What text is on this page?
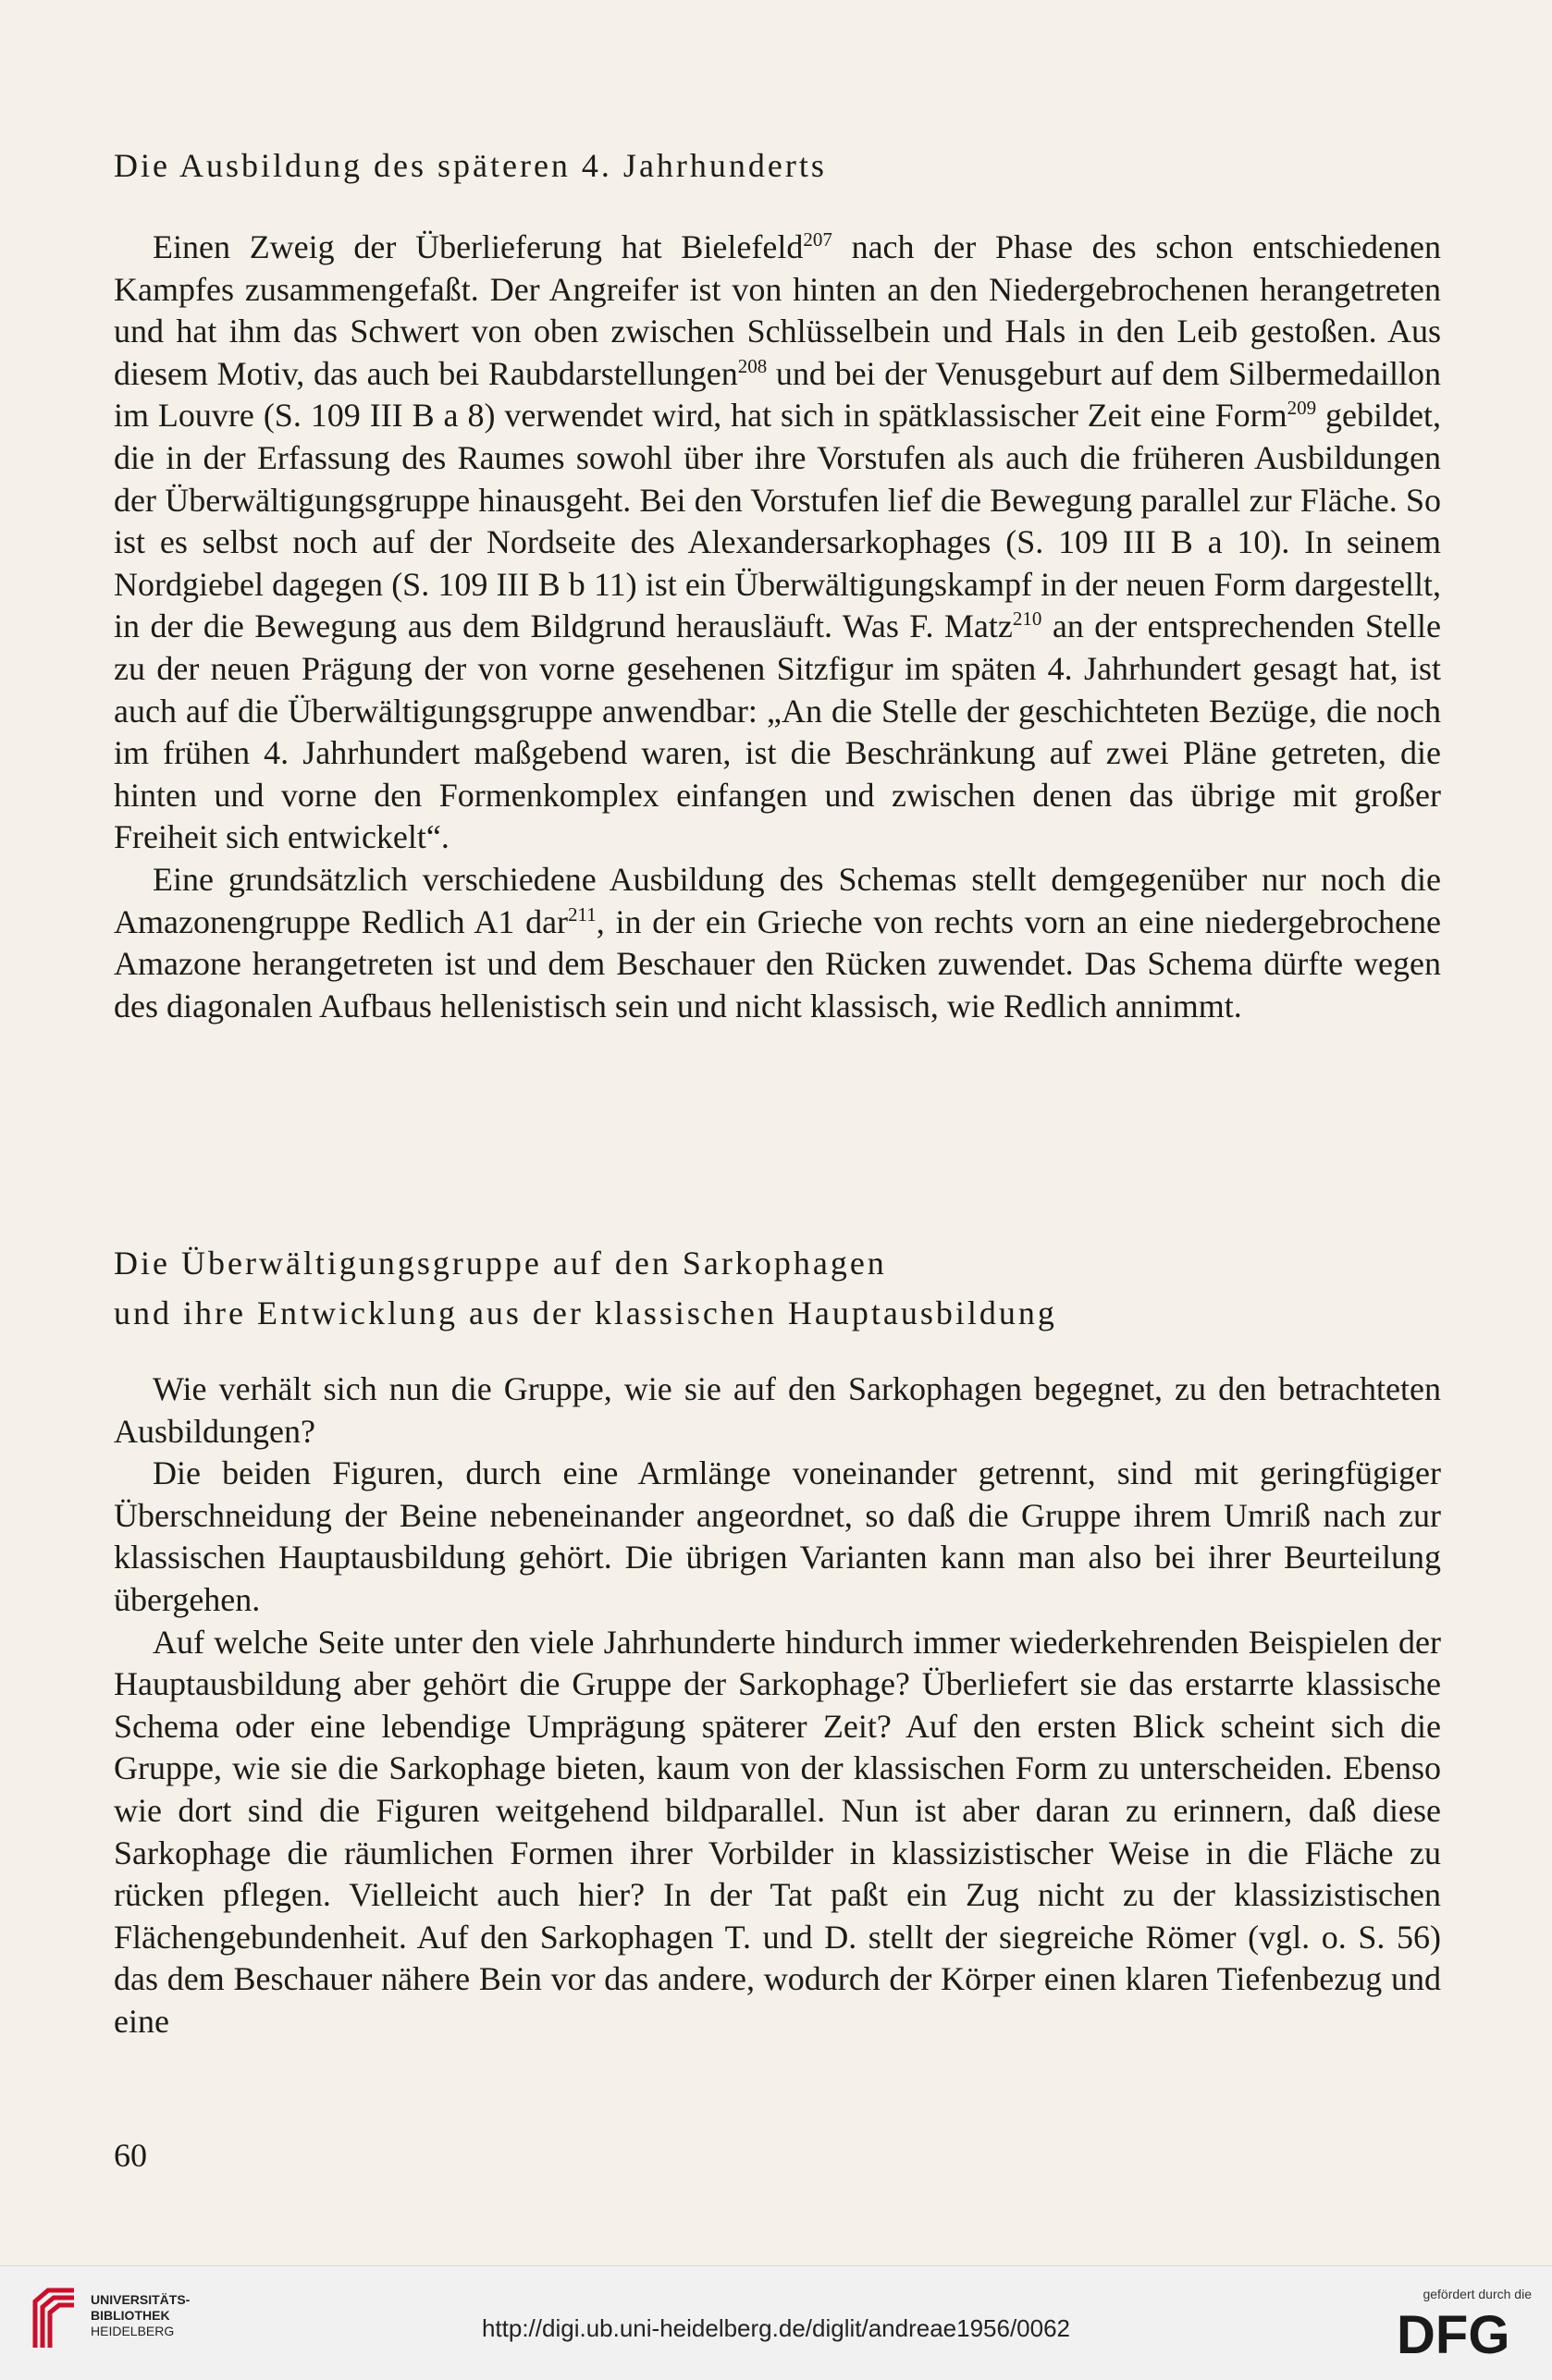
Die Ausbildung des späteren 4. Jahrhunderts

Einen Zweig der Überlieferung hat Bielefeld$^{207}$ nach der Phase des schon entschiedenen Kampfes zusammengefaßt. Der Angreifer ist von hinten an den Niedergebrochenen herangetreten und hat ihm das Schwert von oben zwischen Schlüsselbein und Hals in den Leib gestoßen. Aus diesem Motiv, das auch bei Raubdarstellungen$^{208}$ und bei der Venusgeburt auf dem Silbermedaillon im Louvre (S. 109 III B a 8) verwendet wird, hat sich in spätklassischer Zeit eine Form$^{209}$ gebildet, die in der Erfassung des Raumes sowohl über ihre Vorstufen als auch die früheren Ausbildungen der Überwältigungsgruppe hinausgeht. Bei den Vorstufen lief die Bewegung parallel zur Fläche. So ist es selbst noch auf der Nordseite des Alexandersarkophages (S. 109 III B a 10). In seinem Nordgiebel dagegen (S. 109 III B b 11) ist ein Überwältigungskampf in der neuen Form dargestellt, in der die Bewegung aus dem Bildgrund herausläuft. Was F. Matz$^{210}$ an der entsprechenden Stelle zu der neuen Prägung der von vorne gesehenen Sitzfigur im späten 4. Jahrhundert gesagt hat, ist auch auf die Überwältigungsgruppe anwendbar: „An die Stelle der geschichteten Bezüge, die noch im frühen 4. Jahrhundert maßgebend waren, ist die Beschränkung auf zwei Pläne getreten, die hinten und vorne den Formenkomplex einfangen und zwischen denen das übrige mit großer Freiheit sich entwickelt“.

Eine grundsätzlich verschiedene Ausbildung des Schemas stellt demgegenüber nur noch die Amazonengruppe Redlich A1 dar$^{211}$, in der ein Grieche von rechts vorn an eine niedergebrochene Amazone herangetreten ist und dem Beschauer den Rücken zuwendet. Das Schema dürfte wegen des diagonalen Aufbaus hellenistisch sein und nicht klassisch, wie Redlich annimmt.

Die Überwältigungsgruppe auf den Sarkophagen
und ihre Entwicklung aus der klassischen Hauptausbildung

Wie verhält sich nun die Gruppe, wie sie auf den Sarkophagen begegnet, zu den betrachteten Ausbildungen?

Die beiden Figuren, durch eine Armlänge voneinander getrennt, sind mit geringfügiger Überschneidung der Beine nebeneinander angeordnet, so daß die Gruppe ihrem Umriß nach zur klassischen Hauptausbildung gehört. Die übrigen Varianten kann man also bei ihrer Beurteilung übergehen.

Auf welche Seite unter den viele Jahrhunderte hindurch immer wiederkehrenden Beispielen der Hauptausbildung aber gehört die Gruppe der Sarkophage? Überliefert sie das erstarrte klassische Schema oder eine lebendige Umprägung späterer Zeit? Auf den ersten Blick scheint sich die Gruppe, wie sie die Sarkophage bieten, kaum von der klassischen Form zu unterscheiden. Ebenso wie dort sind die Figuren weitgehend bildparallel. Nun ist aber daran zu erinnern, daß diese Sarkophage die räumlichen Formen ihrer Vorbilder in klassizistischer Weise in die Fläche zu rücken pflegen. Vielleicht auch hier? In der Tat paßt ein Zug nicht zu der klassizistischen Flächengebundenheit. Auf den Sarkophagen T. und D. stellt der siegreiche Römer (vgl. o. S. 56) das dem Beschauer nähere Bein vor das andere, wodurch der Körper einen klaren Tiefenbezug und eine

60
UNIVERSITÄTS-
BIBLIOTHEK
HEIDELBERG	http://digi.ub.uni-heidelberg.de/diglit/andreae1956/0062
gefördert durch die
DFG
